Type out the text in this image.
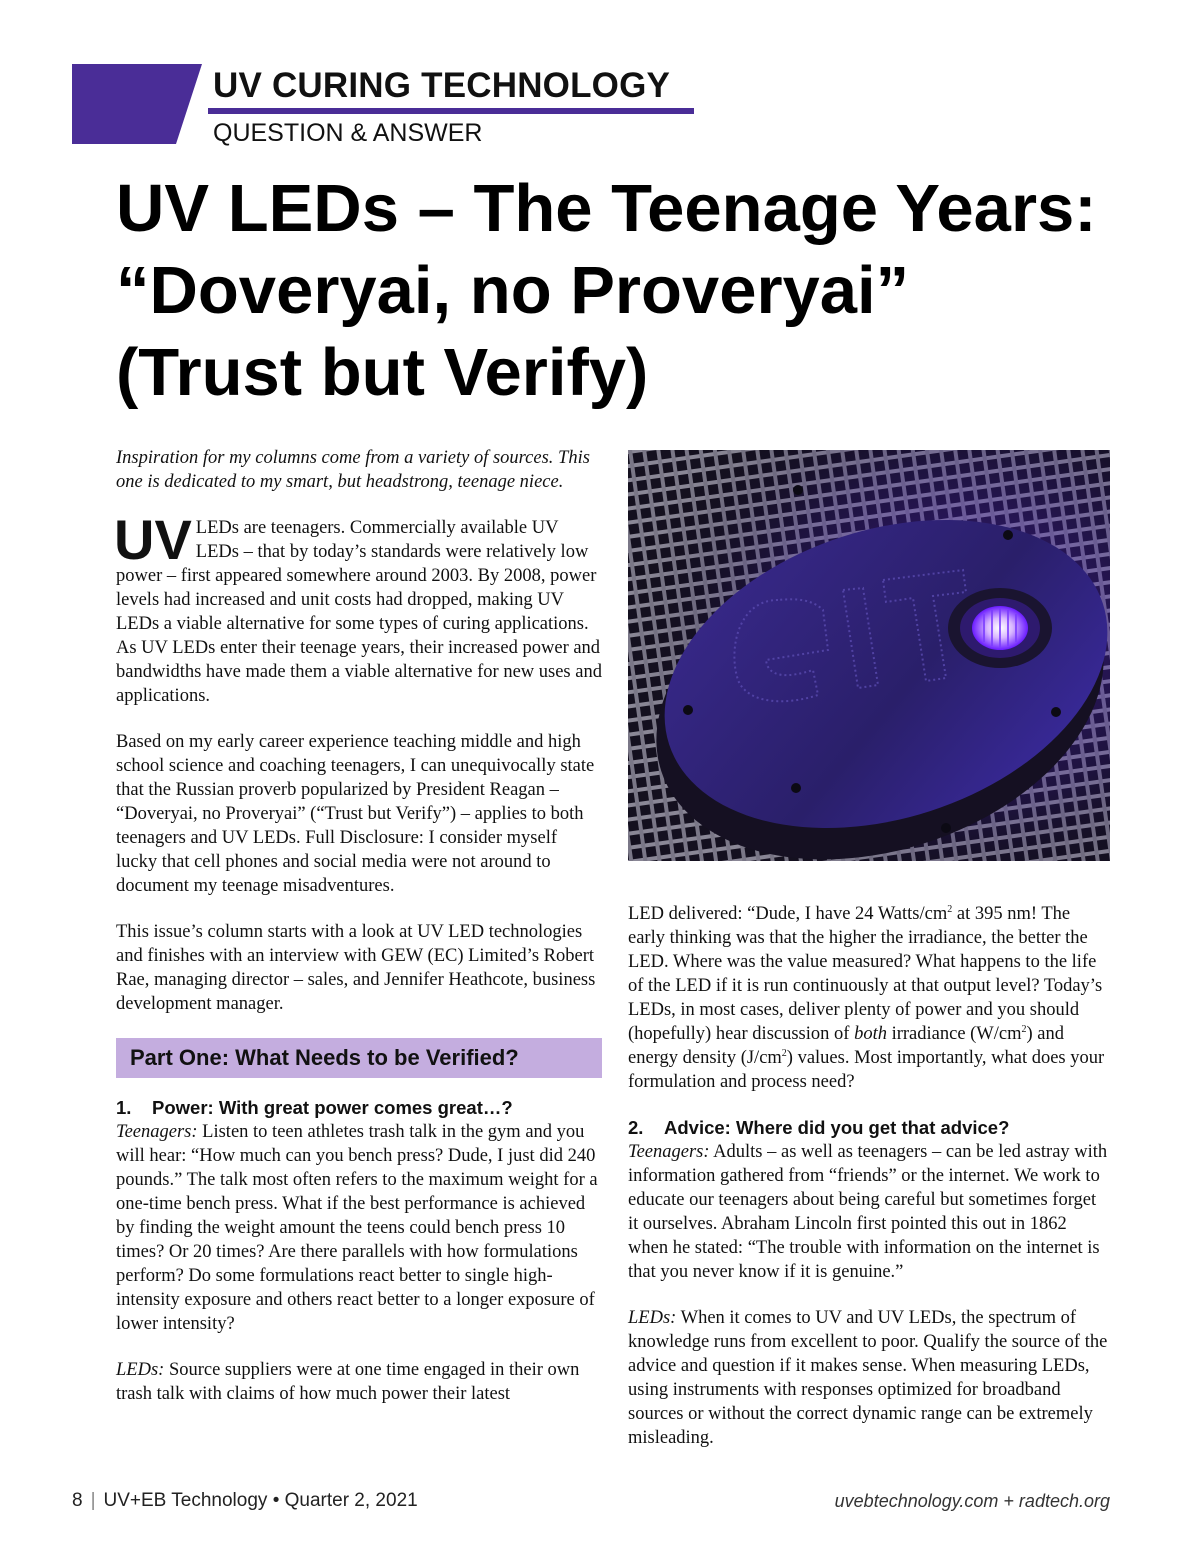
UV CURING TECHNOLOGY
QUESTION & ANSWER
UV LEDs – The Teenage Years:
“Doveryai, no Proveryai”
(Trust but Verify)

Inspiration for my columns come from a variety of sources. This one is dedicated to my smart, but headstrong, teenage niece.

UV LEDs are teenagers. Commercially available UV LEDs – that by today’s standards were relatively low power – first appeared somewhere around 2003. By 2008, power levels had increased and unit costs had dropped, making UV LEDs a viable alternative for some types of curing applications. As UV LEDs enter their teenage years, their increased power and bandwidths have made them a viable alternative for new uses and applications.

Based on my early career experience teaching middle and high school science and coaching teenagers, I can unequivocally state that the Russian proverb popularized by President Reagan – “Doveryai, no Proveryai” (“Trust but Verify”) – applies to both teenagers and UV LEDs. Full Disclosure: I consider myself lucky that cell phones and social media were not around to document my teenage misadventures.

This issue’s column starts with a look at UV LED technologies and finishes with an interview with GEW (EC) Limited’s Robert Rae, managing director – sales, and Jennifer Heathcote, business development manager.

Part One: What Needs to be Verified?
1. Power: With great power comes great…?

Teenagers: Listen to teen athletes trash talk in the gym and you will hear: “How much can you bench press? Dude, I just did 240 pounds.” The talk most often refers to the maximum weight for a one-time bench press. What if the best performance is achieved by finding the weight amount the teens could bench press 10 times? Or 20 times? Are there parallels with how formulations perform? Do some formulations react better to single high-intensity exposure and others react better to a longer exposure of lower intensity?

LEDs: Source suppliers were at one time engaged in their own trash talk with claims of how much power their latest

LED delivered: “Dude, I have 24 Watts/$cm^2$ at 395 nm! The early thinking was that the higher the irradiance, the better the LED. Where was the value measured? What happens to the life of the LED if it is run continuously at that output level? Today’s LEDs, in most cases, deliver plenty of power and you should (hopefully) hear discussion of both irradiance $(W/cm^2)$ and energy density $(J/cm^2)$ values. Most importantly, what does your formulation and process need?

2. Advice: Where did you get that advice?

Teenagers: Adults – as well as teenagers – can be led astray with information gathered from “friends” or the internet. We work to educate our teenagers about being careful but sometimes forget it ourselves. Abraham Lincoln first pointed this out in 1862 when he stated: “The trouble with information on the internet is that you never know if it is genuine.”

LEDs: When it comes to UV and UV LEDs, the spectrum of knowledge runs from excellent to poor. Qualify the source of the advice and question if it makes sense. When measuring LEDs, using instruments with responses optimized for broadband sources or without the correct dynamic range can be extremely misleading.

8 | UV+EB Technology • Quarter 2, 2021	uvebtechnology.com + radtech.org
